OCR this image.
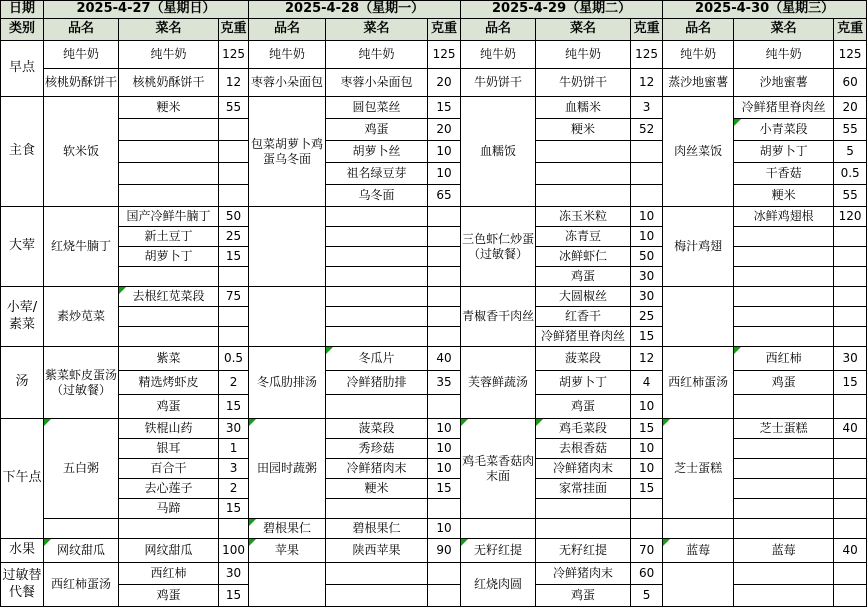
日期	2025-4-27（星期日）			2025-4-28（星期一）			2025-4-29（星期二）			2025-4-30（星期三）		
类别	品名	菜名	克重	品名	菜名	克重	品名	菜名	克重	品名	菜名	克重
早点	纯牛奶	纯牛奶	125	纯牛奶	纯牛奶	125	纯牛奶	纯牛奶	125	纯牛奶	纯牛奶	125
	核桃奶酥饼干	核桃奶酥饼干	12	枣蓉小朵面包	枣蓉小朵面包	20	牛奶饼干	牛奶饼干	12	蒸沙地蜜薯	沙地蜜薯	60
主食	软米饭	粳米	55	包菜胡萝卜鸡蛋乌冬面	圆包菜丝	15	血糯饭	血糯米	3	肉丝菜饭	冷鲜猪里脊肉丝	20
					鸡蛋	20		粳米	52		小青菜段	55
					胡萝卜丝	10					胡萝卜丁	5
					祖名绿豆芽	10					干香菇	0.5
					乌冬面	65					粳米	55
大荤	红烧牛腩丁	国产冷鲜牛腩丁	50				三色虾仁炒蛋（过敏餐）	冻玉米粒	10	梅汁鸡翅	冰鲜鸡翅根	120
		新土豆丁	25					冻青豆	10			
		胡萝卜丁	15					冰鲜虾仁	50			
								鸡蛋	30			
小荤/素菜	素炒苋菜	去根红苋菜段	75				青椒香干肉丝	大圆椒丝	30			
								红香干	25			
								冷鲜猪里脊肉丝	15			
汤	紫菜虾皮蛋汤（过敏餐）	紫菜	0.5	冬瓜肋排汤	冬瓜片	40	芙蓉鲜蔬汤	菠菜段	12	西红柿蛋汤	西红柿	30
		精选烤虾皮	2		冷鲜猪肋排	35		胡萝卜丁	4		鸡蛋	15
		鸡蛋	15					鸡蛋	10			
下午点	五白粥	铁棍山药	30	田园时蔬粥	菠菜段	10	鸡毛菜香菇肉末面	鸡毛菜段	15	芝士蛋糕	芝士蛋糕	40
		银耳	1		秀珍菇	10		去根香菇	10			
		百合干	3		冷鲜猪肉末	10		冷鲜猪肉末	10			
		去心莲子	2		粳米	15		家常挂面	15			
		马蹄	15									
				碧根果仁	碧根果仁	10						
水果	网纹甜瓜	网纹甜瓜	100	苹果	陕西苹果	90	无籽红提	无籽红提	70	蓝莓	蓝莓	40
过敏替代餐	西红柿蛋汤	西红柿	30				红烧肉圆	冷鲜猪肉末	60			
		鸡蛋	15					鸡蛋	5			
